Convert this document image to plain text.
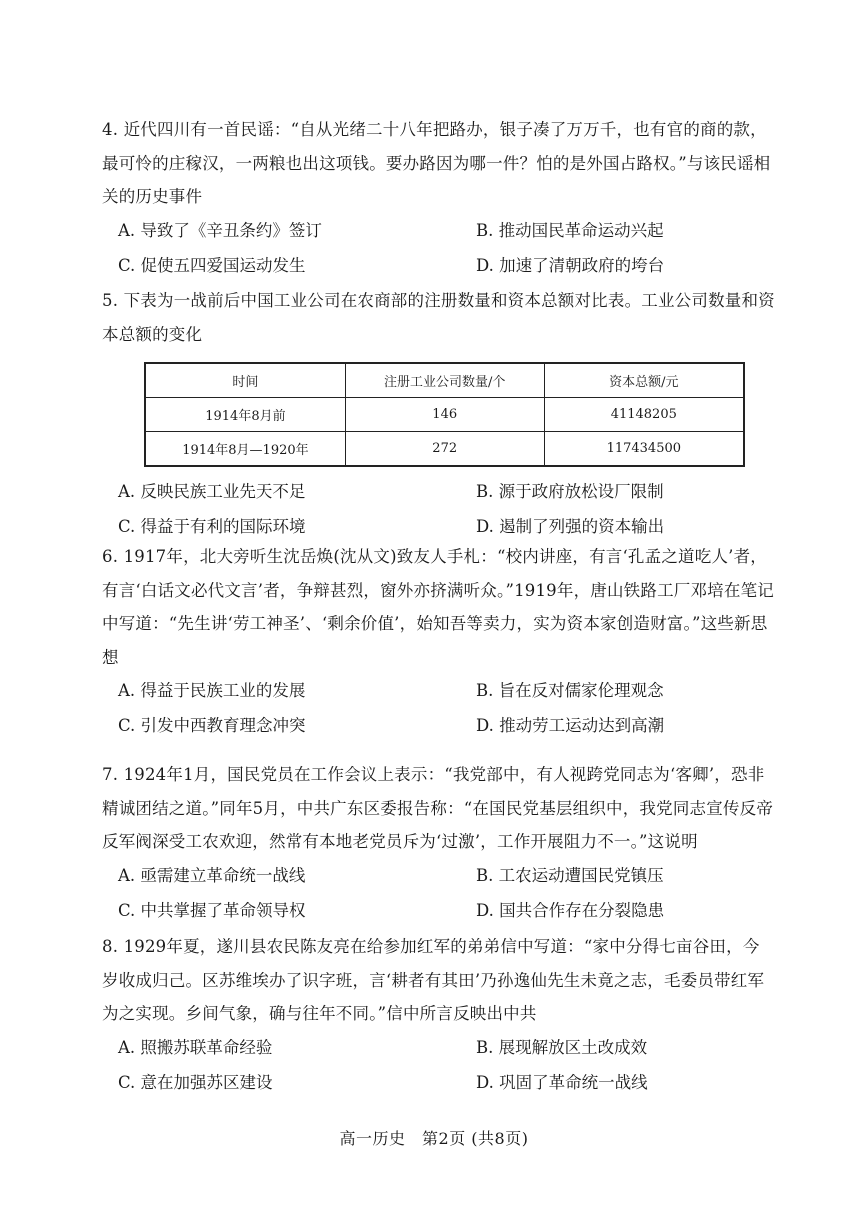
4. 近代四川有一首民谣：“自从光绪二十八年把路办，银子凑了万万千，也有官的商的款，最可怜的庄稼汉，一两粮也出这项钱。要办路因为哪一件？怕的是外国占路权。”与该民谣相关的历史事件

A. 导致了《辛丑条约》签订	B. 推动国民革命运动兴起
C. 促使五四爱国运动发生	D. 加速了清朝政府的垮台

5. 下表为一战前后中国工业公司在农商部的注册数量和资本总额对比表。工业公司数量和资本总额的变化

时间	注册工业公司数量/个	资本总额/元
1914年8月前	146	41148205
1914年8月—1920年	272	117434500
A. 反映民族工业先天不足	B. 源于政府放松设厂限制
C. 得益于有利的国际环境	D. 遏制了列强的资本输出

6. 1917年，北大旁听生沈岳焕(沈从文)致友人手札：“校内讲座，有言‘孔孟之道吃人’者，有言‘白话文必代文言’者，争辩甚烈，窗外亦挤满听众。”1919年，唐山铁路工厂邓培在笔记中写道：“先生讲‘劳工神圣’、‘剩余价值’，始知吾等卖力，实为资本家创造财富。”这些新思想

A. 得益于民族工业的发展	B. 旨在反对儒家伦理观念
C. 引发中西教育理念冲突	D. 推动劳工运动达到高潮

7. 1924年1月，国民党员在工作会议上表示：“我党部中，有人视跨党同志为‘客卿’，恐非精诚团结之道。”同年5月，中共广东区委报告称：“在国民党基层组织中，我党同志宣传反帝反军阀深受工农欢迎，然常有本地老党员斥为‘过激’，工作开展阻力不一。”这说明

A. 亟需建立革命统一战线	B. 工农运动遭国民党镇压
C. 中共掌握了革命领导权	D. 国共合作存在分裂隐患

8. 1929年夏，遂川县农民陈友亮在给参加红军的弟弟信中写道：“家中分得七亩谷田，今岁收成归己。区苏维埃办了识字班，言‘耕者有其田’乃孙逸仙先生未竟之志，毛委员带红军为之实现。乡间气象，确与往年不同。”信中所言反映出中共

A. 照搬苏联革命经验	B. 展现解放区土改成效
C. 意在加强苏区建设	D. 巩固了革命统一战线
高一历史　第2页 (共8页)
